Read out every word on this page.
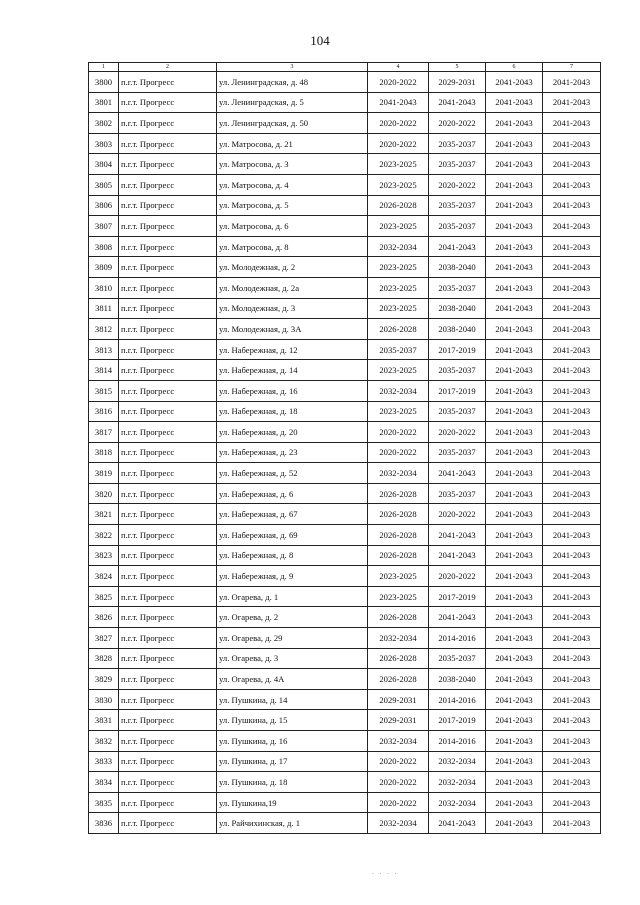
104
1	2	3	4	5	6	7
3800	п.г.т. Прогресс	ул. Ленинградская, д. 48	2020-2022	2029-2031	2041-2043	2041-2043
3801	п.г.т. Прогресс	ул. Ленинградская, д. 5	2041-2043	2041-2043	2041-2043	2041-2043
3802	п.г.т. Прогресс	ул. Ленинградская, д. 50	2020-2022	2020-2022	2041-2043	2041-2043
3803	п.г.т. Прогресс	ул. Матросова, д. 21	2020-2022	2035-2037	2041-2043	2041-2043
3804	п.г.т. Прогресс	ул. Матросова, д. 3	2023-2025	2035-2037	2041-2043	2041-2043
3805	п.г.т. Прогресс	ул. Матросова, д. 4	2023-2025	2020-2022	2041-2043	2041-2043
3806	п.г.т. Прогресс	ул. Матросова, д. 5	2026-2028	2035-2037	2041-2043	2041-2043
3807	п.г.т. Прогресс	ул. Матросова, д. 6	2023-2025	2035-2037	2041-2043	2041-2043
3808	п.г.т. Прогресс	ул. Матросова, д. 8	2032-2034	2041-2043	2041-2043	2041-2043
3809	п.г.т. Прогресс	ул. Молодежная, д. 2	2023-2025	2038-2040	2041-2043	2041-2043
3810	п.г.т. Прогресс	ул. Молодежная, д. 2а	2023-2025	2035-2037	2041-2043	2041-2043
3811	п.г.т. Прогресс	ул. Молодежная, д. 3	2023-2025	2038-2040	2041-2043	2041-2043
3812	п.г.т. Прогресс	ул. Молодежная, д. 3А	2026-2028	2038-2040	2041-2043	2041-2043
3813	п.г.т. Прогресс	ул. Набережная, д. 12	2035-2037	2017-2019	2041-2043	2041-2043
3814	п.г.т. Прогресс	ул. Набережная, д. 14	2023-2025	2035-2037	2041-2043	2041-2043
3815	п.г.т. Прогресс	ул. Набережная, д. 16	2032-2034	2017-2019	2041-2043	2041-2043
3816	п.г.т. Прогресс	ул. Набережная, д. 18	2023-2025	2035-2037	2041-2043	2041-2043
3817	п.г.т. Прогресс	ул. Набережная, д. 20	2020-2022	2020-2022	2041-2043	2041-2043
3818	п.г.т. Прогресс	ул. Набережная, д. 23	2020-2022	2035-2037	2041-2043	2041-2043
3819	п.г.т. Прогресс	ул. Набережная, д. 52	2032-2034	2041-2043	2041-2043	2041-2043
3820	п.г.т. Прогресс	ул. Набережная, д. 6	2026-2028	2035-2037	2041-2043	2041-2043
3821	п.г.т. Прогресс	ул. Набережная, д. 67	2026-2028	2020-2022	2041-2043	2041-2043
3822	п.г.т. Прогресс	ул. Набережная, д. 69	2026-2028	2041-2043	2041-2043	2041-2043
3823	п.г.т. Прогресс	ул. Набережная, д. 8	2026-2028	2041-2043	2041-2043	2041-2043
3824	п.г.т. Прогресс	ул. Набережная, д. 9	2023-2025	2020-2022	2041-2043	2041-2043
3825	п.г.т. Прогресс	ул. Огарева, д. 1	2023-2025	2017-2019	2041-2043	2041-2043
3826	п.г.т. Прогресс	ул. Огарева, д. 2	2026-2028	2041-2043	2041-2043	2041-2043
3827	п.г.т. Прогресс	ул. Огарева, д. 29	2032-2034	2014-2016	2041-2043	2041-2043
3828	п.г.т. Прогресс	ул. Огарева, д. 3	2026-2028	2035-2037	2041-2043	2041-2043
3829	п.г.т. Прогресс	ул. Огарева, д. 4А	2026-2028	2038-2040	2041-2043	2041-2043
3830	п.г.т. Прогресс	ул. Пушкина, д. 14	2029-2031	2014-2016	2041-2043	2041-2043
3831	п.г.т. Прогресс	ул. Пушкина, д. 15	2029-2031	2017-2019	2041-2043	2041-2043
3832	п.г.т. Прогресс	ул. Пушкина, д. 16	2032-2034	2014-2016	2041-2043	2041-2043
3833	п.г.т. Прогресс	ул. Пушкина, д. 17	2020-2022	2032-2034	2041-2043	2041-2043
3834	п.г.т. Прогресс	ул. Пушкина, д. 18	2020-2022	2032-2034	2041-2043	2041-2043
3835	п.г.т. Прогресс	ул. Пушкина,19	2020-2022	2032-2034	2041-2043	2041-2043
3836	п.г.т. Прогресс	ул. Райчихинская, д. 1	2032-2034	2041-2043	2041-2043	2041-2043
. . . .
